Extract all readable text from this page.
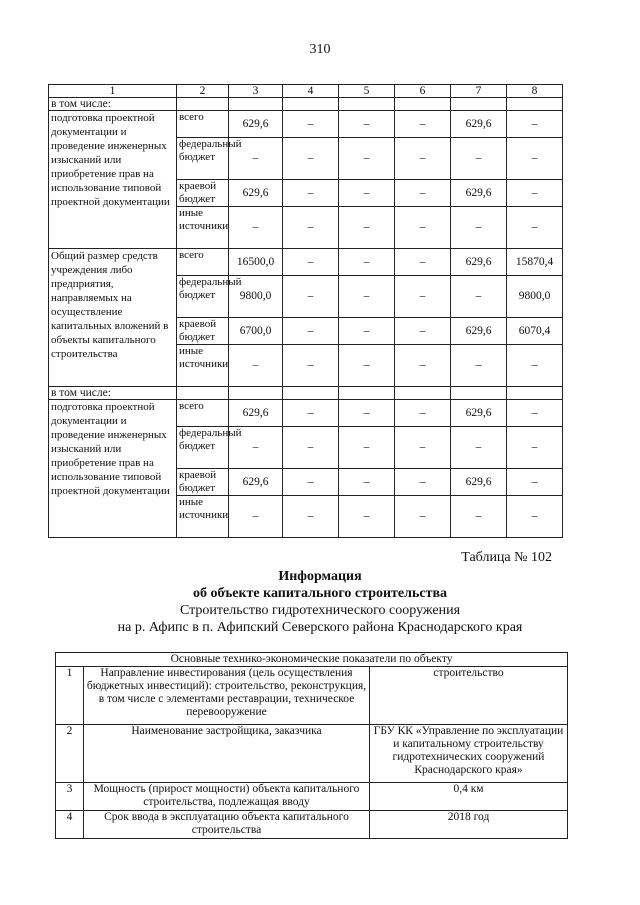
310
1	2	3	4	5	6	7	8
в том числе:							
подготовка проектной документации и проведение инженерных изысканий или приобретение прав на использование типовой проектной документации	всего	629,6	–	–	–	629,6	–
	федеральный бюджет	–	–	–	–	–	–
	краевой бюджет	629,6	–	–	–	629,6	–
	иные источники	–	–	–	–	–	–
Общий размер средств учреждения либо предприятия, направляемых на осуществление капитальных вложений в объекты капитального строительства	всего	16500,0	–	–	–	629,6	15870,4
	федеральный бюджет	9800,0	–	–	–	–	9800,0
	краевой бюджет	6700,0	–	–	–	629,6	6070,4
	иные источники	–	–	–	–	–	–
в том числе:							
подготовка проектной документации и проведение инженерных изысканий или приобретение прав на использование типовой проектной документации	всего	629,6	–	–	–	629,6	–
	федеральный бюджет	–	–	–	–	–	–
	краевой бюджет	629,6	–	–	–	629,6	–
	иные источники	–	–	–	–	–	–
Таблица № 102
Информация
об объекте капитального строительства
Строительство гидротехнического сооружения
на р. Афипс в п. Афипский Северского района Краснодарского края
Основные технико-экономические показатели по объекту		
1	Направление инвестирования (цель осуществления бюджетных инвестиций): строительство, реконструкция, в том числе с элементами реставрации, техническое перевооружение	строительство
2	Наименование застройщика, заказчика	ГБУ КК «Управление по эксплуатации и капитальному строительству гидротехнических сооружений Краснодарского края»
3	Мощность (прирост мощности) объекта капитального строительства, подлежащая вводу	0,4 км
4	Срок ввода в эксплуатацию объекта капитального строительства	2018 год
